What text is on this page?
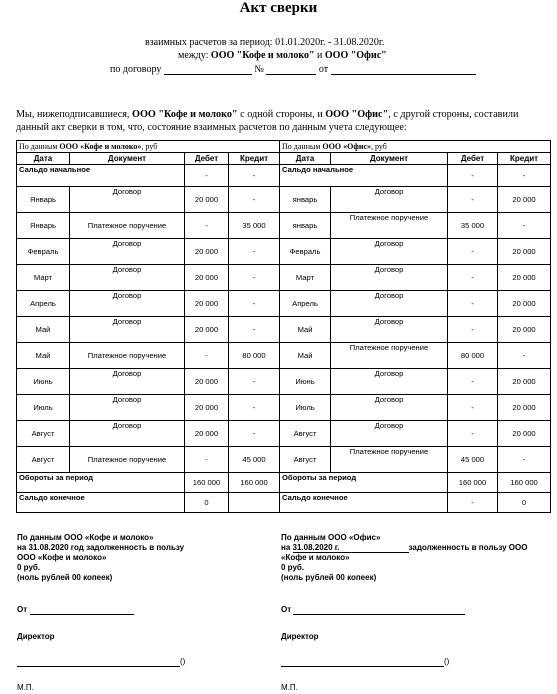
Акт сверки
взаимных расчетов за период: 01.01.2020г. - 31.08.2020г.
между: ООО "Кофе и молоко" и ООО "Офис"
по договору	№	от
Мы, нижеподписавшиеся, ООО "Кофе и молоко" с одной стороны, и ООО "Офис", с другой стороны, составили данный акт сверки в том, что, состояние взаимных расчетов по данным учета следующее:
По данным ООО «Кофе и молоко», руб				По данным ООО «Офис», руб			
Дата	Документ	Дебет	Кредит	Дата	Документ	Дебет	Кредит
Сальдо начальное		-	-	Сальдо начальное		-	-
Январь	Договор	20 000	-	январь	Договор	-	20 000
Январь	Платежное поручение	-	35 000	январь	Платежное поручение	35 000	-
Февраль	Договор	20 000	-	Февраль	Договор	-	20 000
Март	Договор	20 000	-	Март	Договор	-	20 000
Апрель	Договор	20 000	-	Апрель	Договор	-	20 000
Май	Договор	20 000	-	Май	Договор	-	20 000
Май	Платежное поручение	-	80 000	Май	Платежное поручение	80 000	-
Июнь	Договор	20 000	-	Июнь	Договор	-	20 000
Июль	Договор	20 000	-	Июль	Договор	-	20 000
Август	Договор	20 000	-	Август	Договор	-	20 000
Август	Платежное поручение	-	45 000	Август	Платежное поручение	45 000	-
Обороты за период		160 000	160 000	Обороты за период		160 000	160 000
Сальдо конечное		0		Сальдо конечное		-	0
По данным ООО «Кофе и молоко»
на 31.08.2020 год задолженность в пользу
ООО «Кофе и молоко»
0 руб.
(ноль рублей 00 копеек)
От
Директор
()
М.П.
По данным ООО «Офис»
на 31.08.2020 г.	задолженность в пользу ООО
«Кофе и молоко»
0 руб.
(ноль рублей 00 копеек)
От
Директор
()
М.П.
